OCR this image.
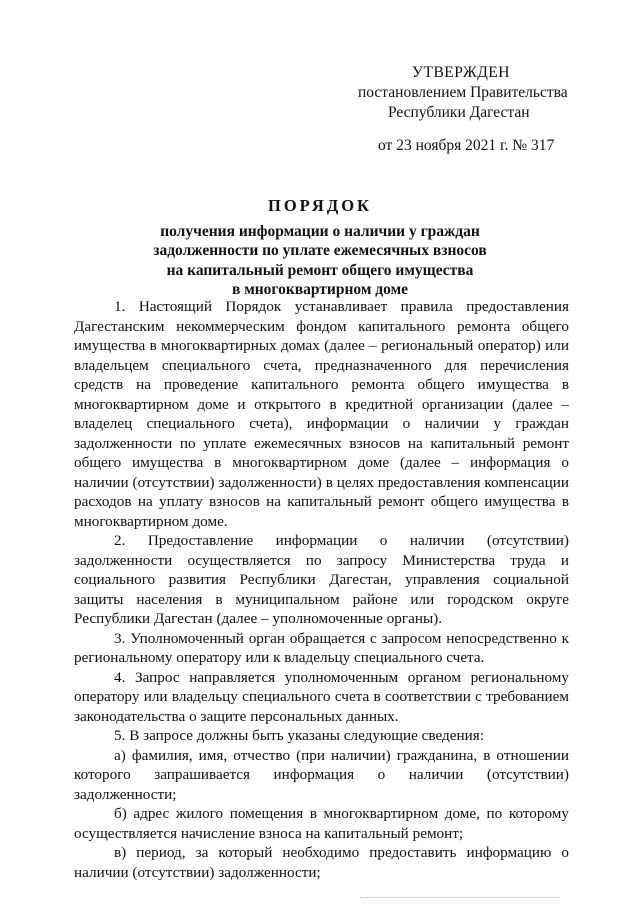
УТВЕРЖДЕН
постановлением Правительства
Республики Дагестан
от 23 ноября 2021 г. № 317
ПОРЯДОК
получения информации о наличии у граждан
задолженности по уплате ежемесячных взносов
на капитальный ремонт общего имущества
в многоквартирном доме

1. Настоящий Порядок устанавливает правила предоставления Дагестанским некоммерческим фондом капитального ремонта общего имущества в многоквартирных домах (далее – региональный оператор) или владельцем специального счета, предназначенного для перечисления средств на проведение капитального ремонта общего имущества в многоквартирном доме и открытого в кредитной организации (далее – владелец специального счета), информации о наличии у граждан задолженности по уплате ежемесячных взносов на капитальный ремонт общего имущества в многоквартирном доме (далее – информация о наличии (отсутствии) задолженности) в целях предоставления компенсации расходов на уплату взносов на капитальный ремонт общего имущества в многоквартирном доме.

2. Предоставление информации о наличии (отсутствии) задолженности осуществляется по запросу Министерства труда и социального развития Республики Дагестан, управления социальной защиты населения в муниципальном районе или городском округе Республики Дагестан (далее – уполномоченные органы).

3. Уполномоченный орган обращается с запросом непосредственно к региональному оператору или к владельцу специального счета.

4. Запрос направляется уполномоченным органом региональному оператору или владельцу специального счета в соответствии с требованием законодательства о защите персональных данных.

5. В запросе должны быть указаны следующие сведения:

а) фамилия, имя, отчество (при наличии) гражданина, в отношении которого запрашивается информация о наличии (отсутствии) задолженности;

б) адрес жилого помещения в многоквартирном доме, по которому осуществляется начисление взноса на капитальный ремонт;

в) период, за который необходимо предоставить информацию о наличии (отсутствии) задолженности;
